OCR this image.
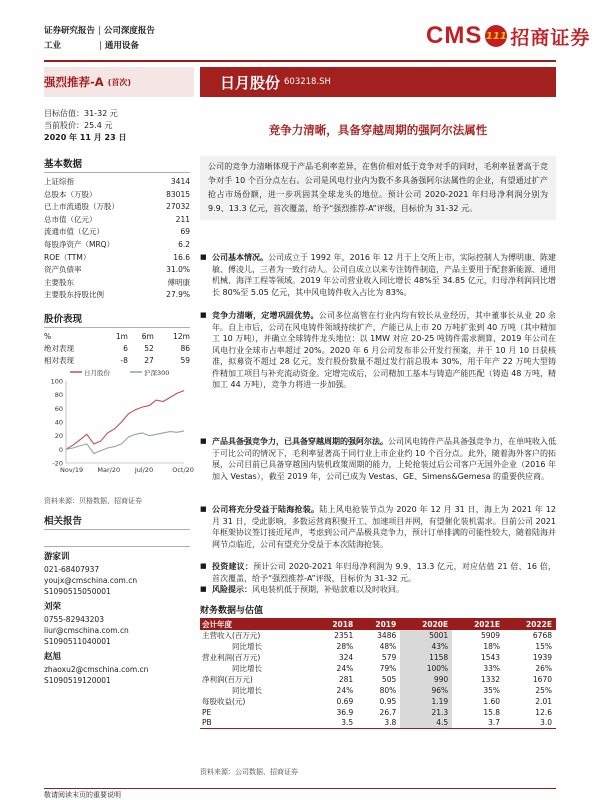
证券研究报告 | 公司深度报告
工业	| 通用设备	CMS 111 招商证券
强烈推荐-A (首次)	日月股份 603218.SH
目标估值：31-32 元
当前股价：25.4 元
2020 年 11 月 23 日
竞争力清晰，具备穿越周期的强阿尔法属性
基本数据
上证综指	3414
总股本（万股）	83015
已上市流通股（万股）	27032
总市值（亿元）	211
流通市值（亿元）	69
每股净资产（MRQ）	6.2
ROE（TTM）	16.6
资产负债率	31.0%
主要股东	傅明康
主要股东持股比例	27.9%
股价表现
%	1m	6m	12m
绝对表现	6	52	86
相对表现	-8	27	59
日月股份	沪深300
100
80
60
40
20
0
-20
Nov/19 Mar/20 Jul/20	Oct/20
资料来源：贝格数据、招商证券
相关报告
游家训
021-68407937
youjx@cmschina.com.cn
S1090515050001
刘荣
0755-82943203
liur@cmschina.com.cn
S1090511040001
赵旭
zhaoxu2@cmschina.com.cn
S1090519120001
公司的竞争力清晰体现于产品毛利率差异，在售价相对低于竞争对手的同时，毛利率显著高于竞争对手 10 个百分点左右。公司是风电行业内为数不多具备强阿尔法属性的企业，有望通过扩产抢占市场份额，进一步巩固其全球龙头的地位。预计公司 2020-2021 年归母净利润分别为 9.9、13.3 亿元，首次覆盖，给予“强烈推荐-A”评级，目标价为 31-32 元。
■ 公司基本情况。公司成立于 1992 年，2016 年 12 月于上交所上市，实际控制人为傅明康、陈建敏、傅凌儿，三者为一致行动人。公司自成立以来专注铸件制造，产品主要用于配套新能源、通用机械、海洋工程等领域。2019 年公司营业收入同比增长 48%至 34.85 亿元，归母净利润同比增长 80%至 5.05 亿元，其中风电铸件收入占比为 83%。
■ 竞争力清晰，定增巩固优势。公司多位高管在行业内均有较长从业经历，其中董事长从业 20 余年。自上市后，公司在风电铸件领域持续扩产，产能已从上市 20 万吨扩张到 40 万吨（其中精加工 10 万吨），并确立全球铸件龙头地位：以 1MW 对应 20-25 吨铸件需求测算，2019 年公司在风电行业全球市占率超过 20%。2020 年 6 月公司发布非公开发行预案，并于 10 月 10 日获核准，拟募资不超过 28 亿元，发行股份数量不超过发行前总股本 30%，用于年产 22 万吨大型铸件精加工项目与补充流动资金。定增完成后，公司精加工基本与铸造产能匹配（铸造 48 万吨，精加工 44 万吨），竞争力将进一步加强。
■ 产品具备强竞争力，已具备穿越周期的强阿尔法。公司风电铸件产品具备强竞争力，在单吨收入低于可比公司的情况下，毛利率显著高于同行业上市企业约 10 个百分点。此外，随着海外客户的拓展，公司目前已具备穿越国内装机政策周期的能力，上轮抢装过后公司客户无国外企业（2016 年加入 Vestas），截至 2019 年，公司已成为 Vestas、GE、Simens&Gemesa 的重要供应商。
■ 公司将充分受益于陆海抢装。陆上风电抢装节点为 2020 年 12 月 31 日，海上为 2021 年 12 月 31 日，受此影响，多数运营商积聚开工、加速项目并网，有望催化装机需求。目前公司 2021 年框架协议签订接近尾声，考虑到公司产品极具竞争力，预计订单排满的可能性较大，随着陆海并网节点临近，公司有望充分受益于本次陆海抢装。
■ 投资建议：预计公司 2020-2021 年归母净利润为 9.9、13.3 亿元，对应估值 21 倍、16 倍，首次覆盖，给予“强烈推荐-A”评级，目标价为 31-32 元。
■ 风险提示：风电装机低于预期，补贴款难以及时收回。
财务数据与估值
会计年度	2018	2019	2020E	2021E	2022E
主营收入(百万元)	2351	3486	5001	5909	6768
同比增长	28%	48%	43%	18%	15%
营业利润(百万元)	324	579	1158	1543	1939
同比增长	24%	79%	100%	33%	26%
净利润(百万元)	281	505	990	1332	1670
同比增长	24%	80%	96%	35%	25%
每股收益(元)	0.69	0.95	1.19	1.60	2.01
PE	36.9	26.7	21.3	15.8	12.6
PB	3.5	3.8	4.5	3.7	3.0
资料来源：公司数据、招商证券
敬请阅读末页的重要说明
